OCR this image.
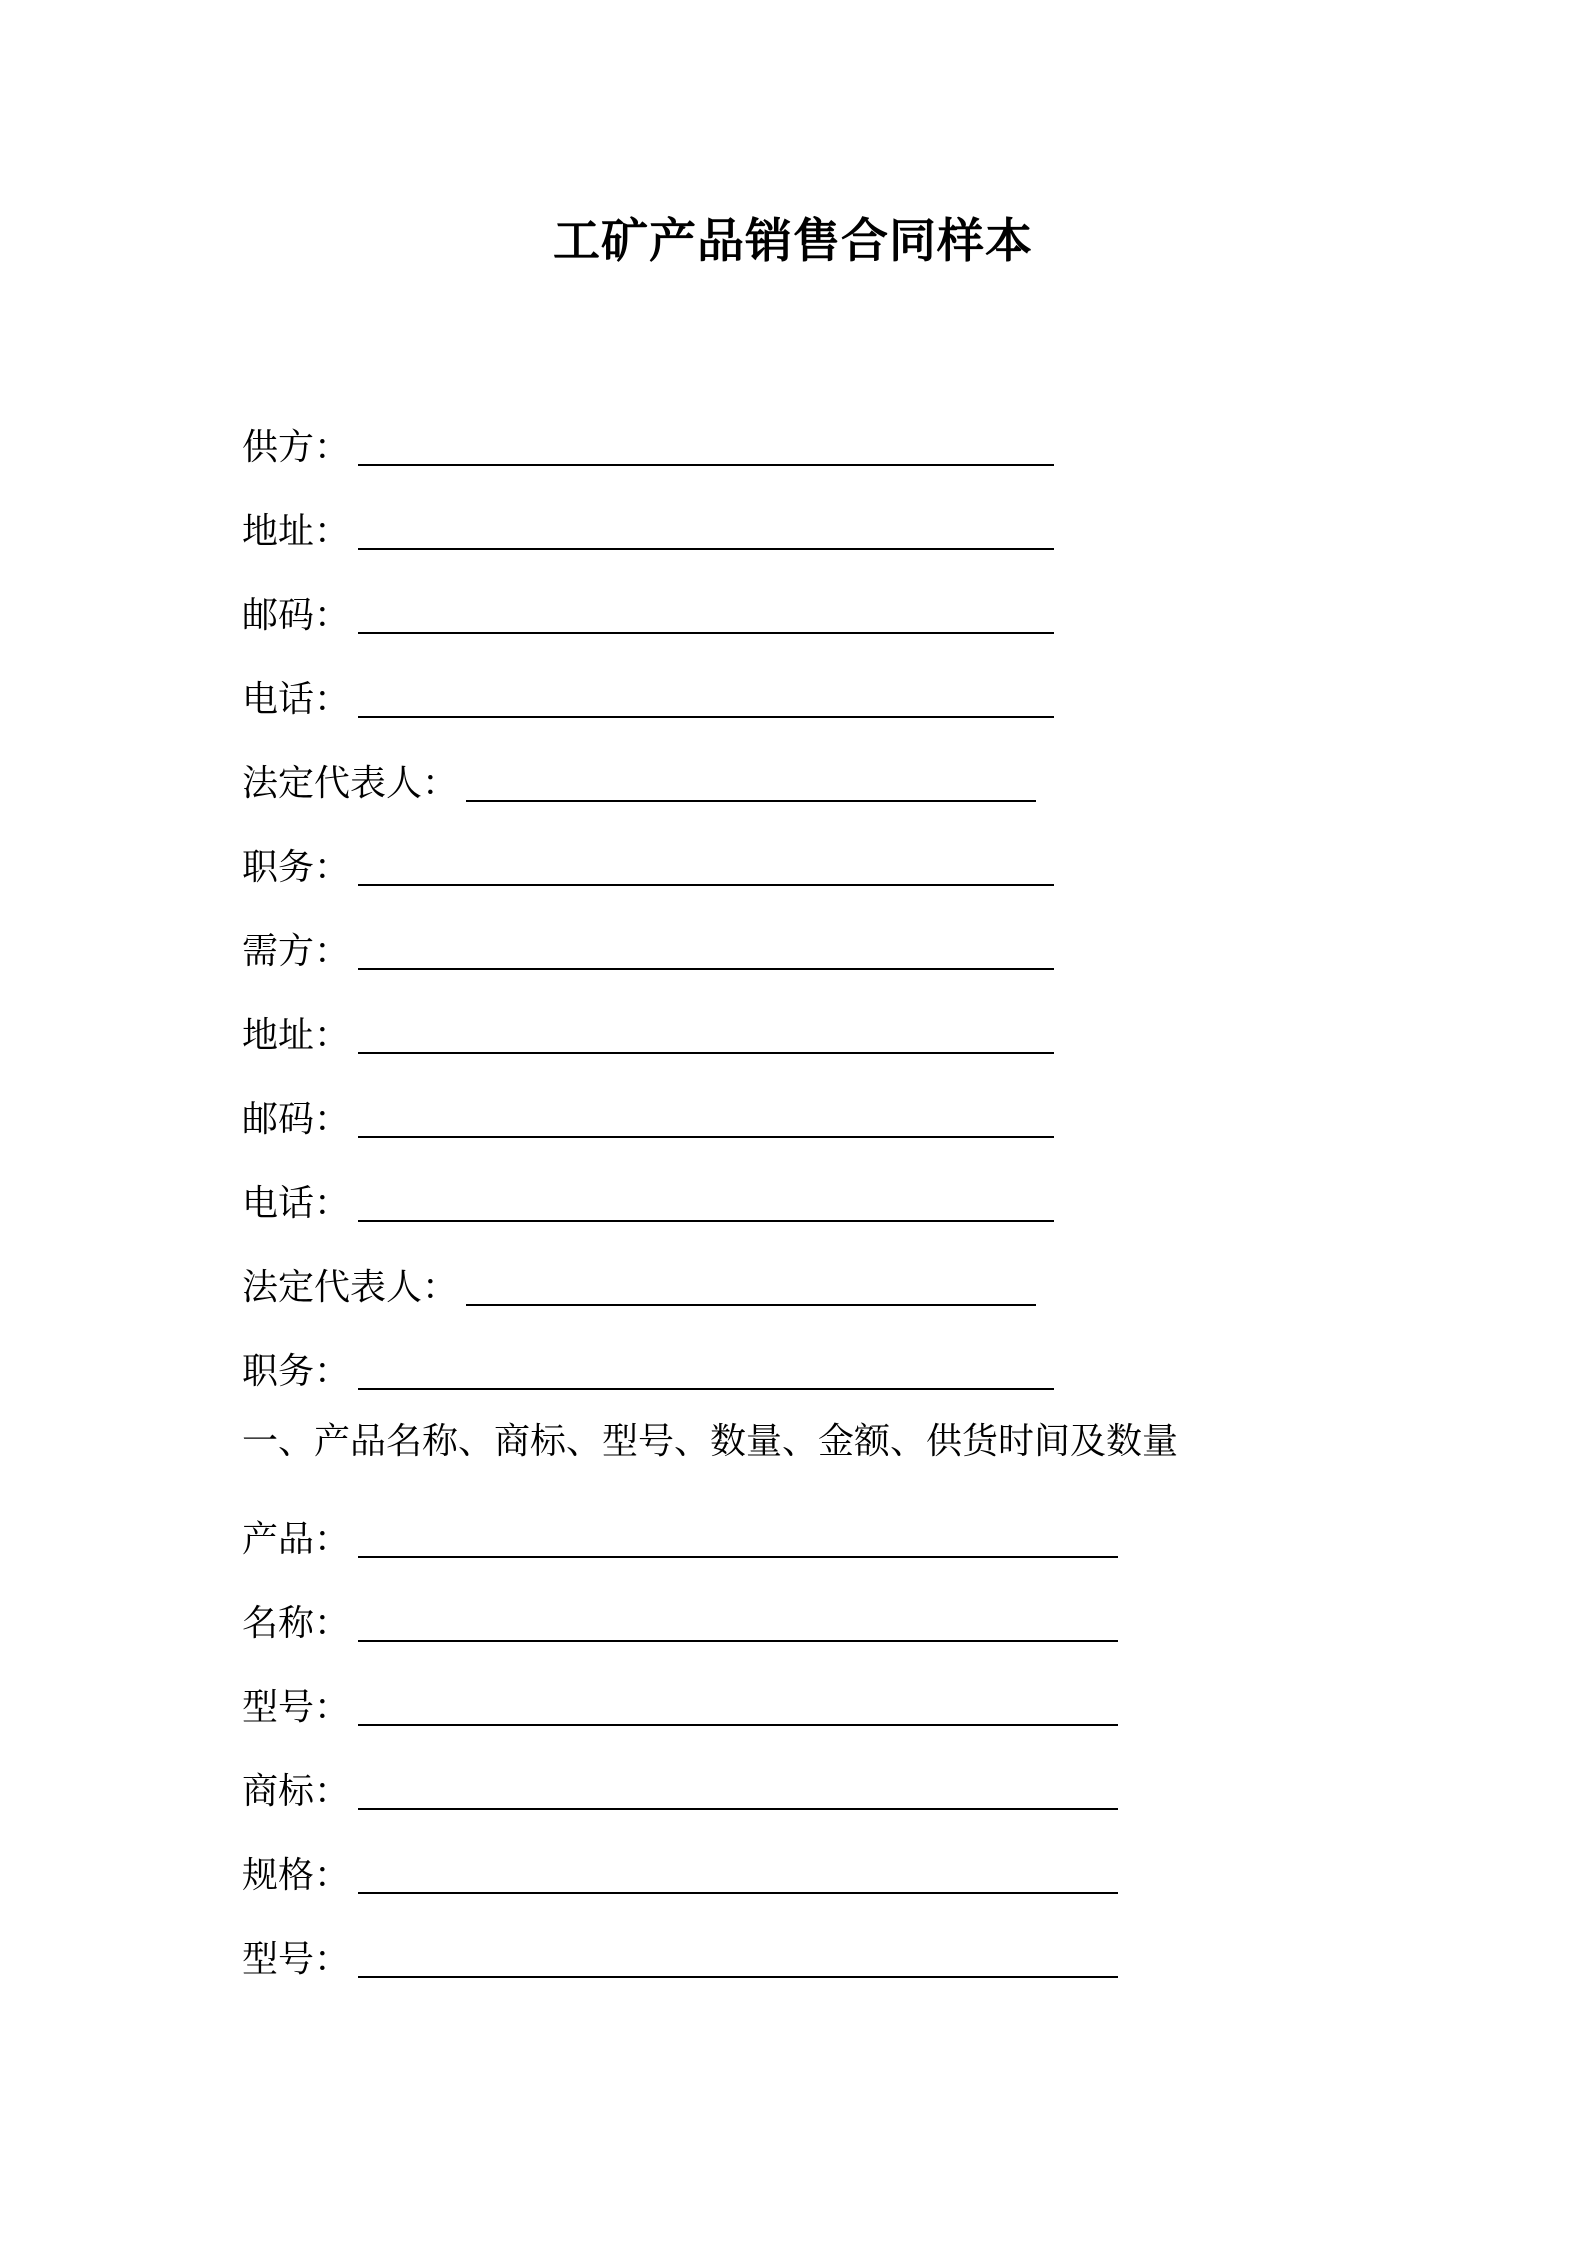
工矿产品销售合同样本
供方：
地址：
邮码：
电话：
法定代表人：
职务：
需方：
地址：
邮码：
电话：
法定代表人：
职务：
一、产品名称、商标、型号、数量、金额、供货时间及数量
产品：
名称：
型号：
商标：
规格：
型号：
